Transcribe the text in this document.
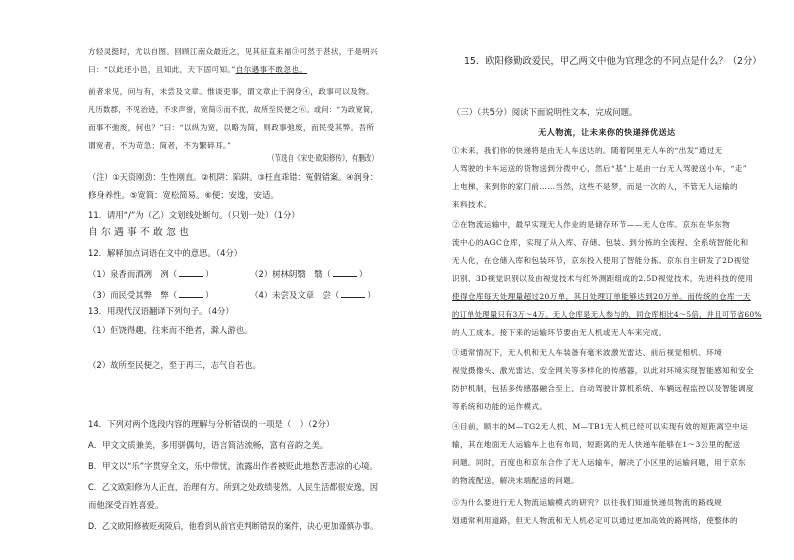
方轻灵挺时，尤以自图。回顾江南众最近之，见其征直来福③可然于甚状，于是明兴
曰：“以此还小邑，且知此，天下固可知。”自尔遇事不敢忽也。
前者求见，问与有，未尝及文章。惟谈吏事，谓文章止于润身④，政事可以及物。
凡历数郡，不见治迹，不求声誉，宽简⑤而不扰，故所至民便之⑥。或问：“为政宽简，
而事不弛废，何也？”曰：“以纵为宽，以略为简，则政事弛废，而民受其弊。吾所
谓宽者，不为苛急；简者，不为繁碎耳。”
（节选自《宋史·欧阳修传》，有删改）
（注）①天资刚劲：生性刚直。②机阱：陷阱。③枉直乖错：冤假错案。④润身：
修身养性。⑤宽简：宽松简易。⑥便：安逸，安适。
11．请用“/”为（乙）文划线处断句。（只划一处）（1分）
自尔遇事不敢忽也
12．解释加点词语在文中的意思。（4分）
（1）泉香而酒冽　冽（	）	（2）树林阴翳　翳（	）
（3）而民受其弊　弊（	）	（4）未尝及文章　尝（	）
13．用现代汉语翻译下列句子。（4分）
（1）佢饶得趣，往来而不绝者，滁人游也。
（2）故所至民便之，至于再三，志气自若也。
14．下列对两个选段内容的理解与分析错误的一项是（　）（2分）
A．甲文文质兼美，多用骈偶句，语言简洁流畅，富有音韵之美。
B．甲文以“乐”字贯穿全文，乐中带忧，流露出作者被贬此地愁苦悲凉的心境。
C．乙文欧阳修为人正直，治理有方。所到之处政绩斐然，人民生活都很安逸，因
而他深受百姓喜爱。
D．乙文欧阳修被贬夷陵后，他看到从前官吏判断错误的案件，决心更加谨慎办事。
15．欧阳修勤政爱民，甲乙两文中他为官理念的不同点是什么？（2分）
（三）（共5分）阅读下面说明性文本，完成问题。
无人物流，让未来你的快递择优送达
①未来，我们你的快递将是由无人车送达的。随着阿里无人车的“出发”通过无
人驾驶的卡车运送的货物送到分拨中心，然后“基”上是由一台无人驾驶送小车，“走”
上电梯，来到你的家门前……当然，这些不是梦，而是一次的人，不管无人运输的
来料技术。
②在物流运输中，最早实现无人作业的是储存环节——无人仓库。京东在华东物
流中心的AGC仓库，实现了从入库、存储、包装、到分拣的全流程、全系统智能化和
无人化，在仓储入库和包装环节，京东投入使用了智能分拣。京东自主研发了2D视觉
识别、3D视觉识别以及由视觉技术与红外测距组成的2.5D视觉技术。先进科技的使用
使得仓库每天处理量超过20万单，其日处理订单能够达到20万单。而传统的仓库一天
的订单处理量只有3万～4万。无人仓库是无人参与的，同仓库相比4～5倍，并且可节省60%
的人工成本。接下来的运输环节要由无人机或无人车来完成。
③通常情况下，无人机和无人车装备有毫米波激光雷达、前后视觉相机、环境
视觉摄像头、激光雷达、安全网关等多样化的传感器，以此对环境实现智能感知和安全
防护机制，包括多传感器融合至上、自动驾驶计算机系统、车辆远程监控以及智能调度
等系统和功能的运作模式。
④目前，顺丰的M—TG2无人机、M—TB1无人机已经可以实现有效的短距离空中运
输，其在地面无人运输车上也有布局，短距离的无人快递车能够在1～3公里的配送
问题。同时，百度也和京东合作了无人运输车，解决了小区里的运输问题，用于京东
的物流配送，解决末端配送的问题。
⑤为什么要进行无人物流运输模式的研究？以往我们知道快递员物流的路线规
划通常利用道路，但无人物流和无人机必定可以通过更加高效的路网络，使整体的
